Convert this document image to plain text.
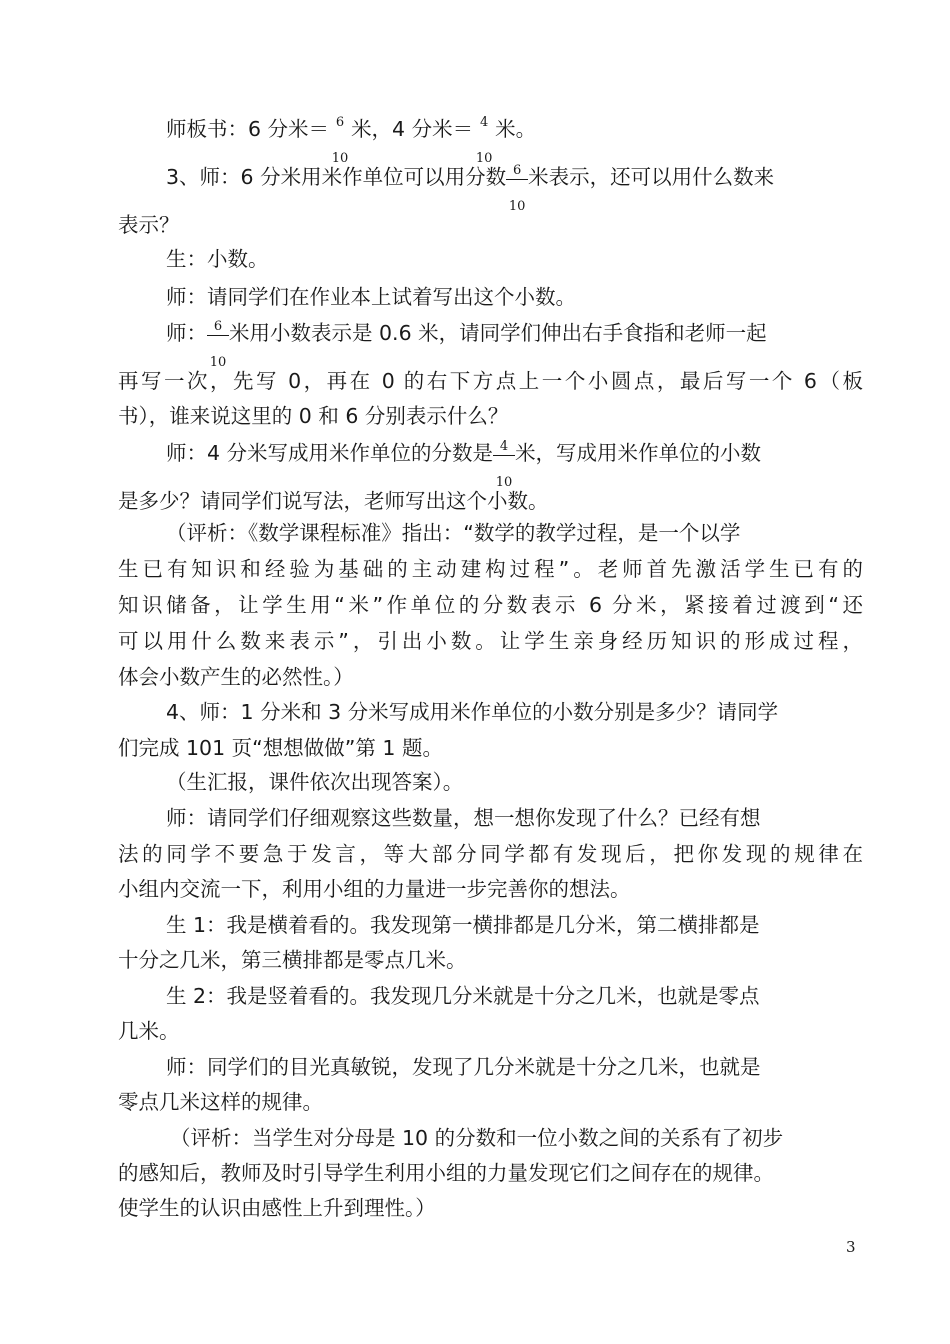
师板书：6 分米＝ 6
10
米，4 分米＝ 4
10
米。
3、师：6 分米用米作单位可以用分数 $\frac{6}{10}$ 米表示，还可以用什么数来
表示？
生：小数。
师：请同学们在作业本上试着写出这个小数。
师： $\frac{6}{10}$ 米用小数表示是 0.6 米，请同学们伸出右手食指和老师一起
再写一次，先写 0，再在 0 的右下方点上一个小圆点，最后写一个 6（板
书），谁来说这里的 0 和 6 分别表示什么？
师：4 分米写成用米作单位的分数是 $\frac{4}{10}$ 米，写成用米作单位的小数
是多少？请同学们说写法，老师写出这个小数。
（评析：《数学课程标准》指出：“数学的教学过程，是一个以学
生已有知识和经验为基础的主动建构过程”。老师首先激活学生已有的
知识储备，让学生用“米”作单位的分数表示 6 分米，紧接着过渡到“还
可以用什么数来表示”，引出小数。让学生亲身经历知识的形成过程，
体会小数产生的必然性。）
4、师：1 分米和 3 分米写成用米作单位的小数分别是多少？请同学
们完成 101 页“想想做做”第 1 题。
（生汇报，课件依次出现答案）。
师：请同学们仔细观察这些数量，想一想你发现了什么？已经有想
法的同学不要急于发言，等大部分同学都有发现后，把你发现的规律在
小组内交流一下，利用小组的力量进一步完善你的想法。
生 1：我是横着看的。我发现第一横排都是几分米，第二横排都是
十分之几米，第三横排都是零点几米。
生 2：我是竖着看的。我发现几分米就是十分之几米，也就是零点
几米。
师：同学们的目光真敏锐，发现了几分米就是十分之几米，也就是
零点几米这样的规律。
（评析：当学生对分母是 10 的分数和一位小数之间的关系有了初步
的感知后，教师及时引导学生利用小组的力量发现它们之间存在的规律。
使学生的认识由感性上升到理性。）
3
